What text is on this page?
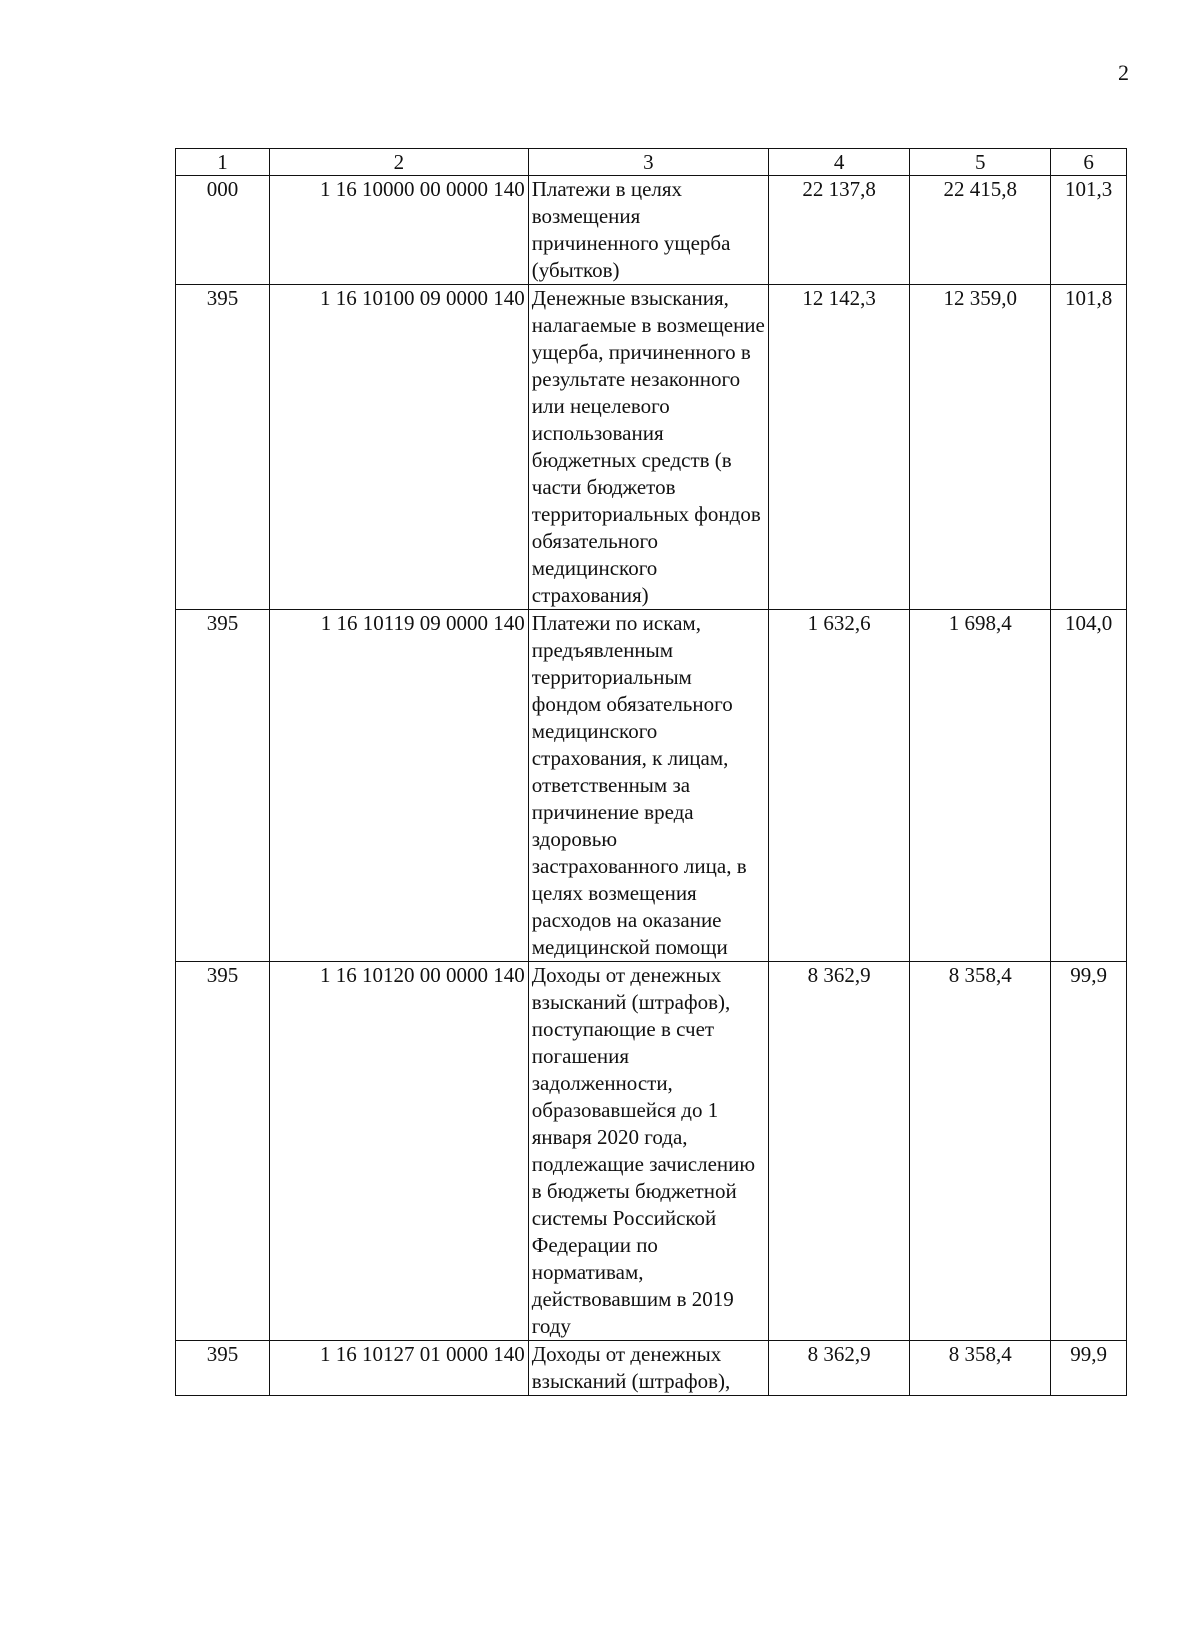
2
1	2	3	4	5	6
000	1 16 10000 00 0000 140	Платежи в целях возмещения причиненного ущерба (убытков)	22 137,8	22 415,8	101,3
395	1 16 10100 09 0000 140	Денежные взыскания, налагаемые в возмещение ущерба, причиненного в результате незаконного или нецелевого использования бюджетных средств (в части бюджетов территориальных фондов обязательного медицинского страхования)	12 142,3	12 359,0	101,8
395	1 16 10119 09 0000 140	Платежи по искам, предъявленным территориальным фондом обязательного медицинского страхования, к лицам, ответственным за причинение вреда здоровью застрахованного лица, в целях возмещения расходов на оказание медицинской помощи	1 632,6	1 698,4	104,0
395	1 16 10120 00 0000 140	Доходы от денежных взысканий (штрафов), поступающие в счет погашения задолженности, образовавшейся до 1 января 2020 года, подлежащие зачислению в бюджеты бюджетной системы Российской Федерации по нормативам, действовавшим в 2019 году	8 362,9	8 358,4	99,9
395	1 16 10127 01 0000 140	Доходы от денежных взысканий (штрафов),	8 362,9	8 358,4	99,9
